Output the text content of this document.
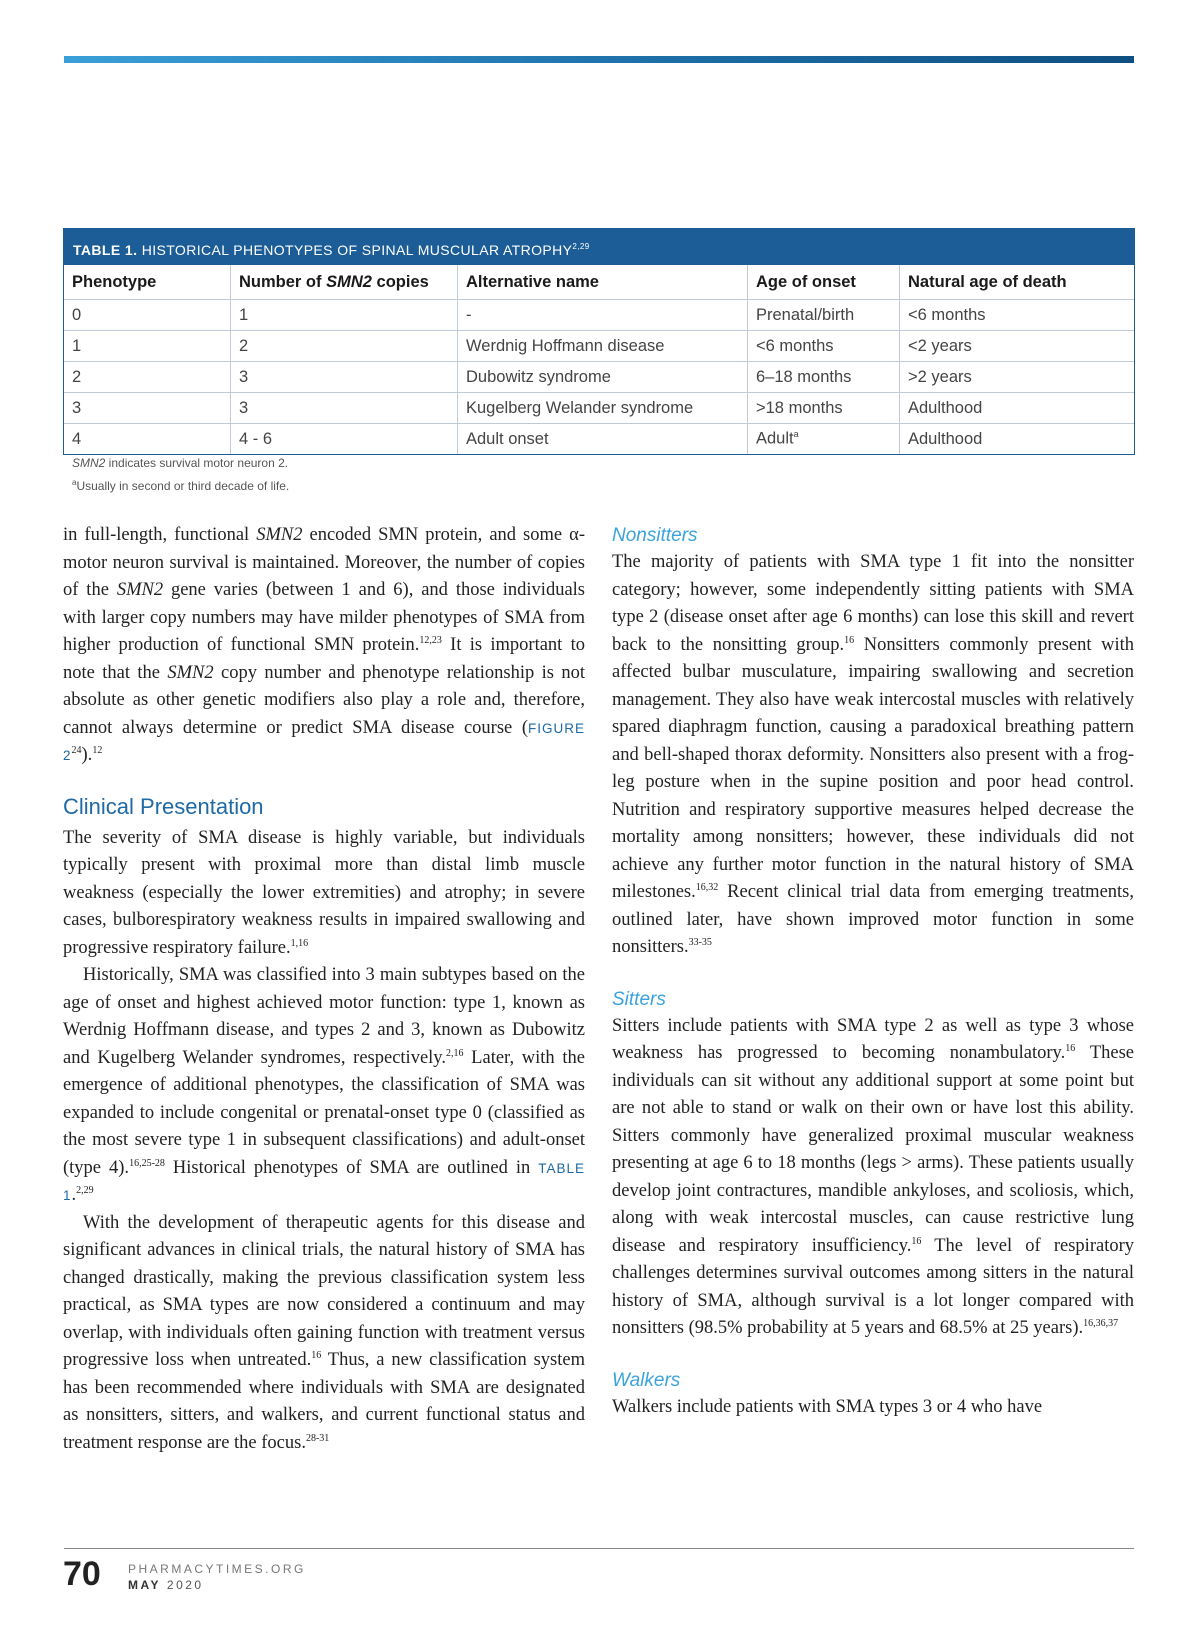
TABLE 1. HISTORICAL PHENOTYPES OF SPINAL MUSCULAR ATROPHY$^{2,29}$
Phenotype	Number of SMN2 copies	Alternative name	Age of onset	Natural age of death
0	1	-	Prenatal/birth	<6 months
1	2	Werdnig Hoffmann disease	<6 months	<2 years
2	3	Dubowitz syndrome	6–18 months	>2 years
3	3	Kugelberg Welander syndrome	>18 months	Adulthood
4	4 - 6	Adult onset	Adult$^a$	Adulthood
SMN2 indicates survival motor neuron 2.
$^a$Usually in second or third decade of life.

in full-length, functional SMN2 encoded SMN protein, and some α-motor neuron survival is maintained. Moreover, the number of copies of the SMN2 gene varies (between 1 and 6), and those individuals with larger copy numbers may have milder phenotypes of SMA from higher production of functional SMN protein.$^{12,23}$ It is important to note that the SMN2 copy number and phenotype relationship is not absolute as other genetic modifiers also play a role and, therefore, cannot always determine or predict SMA disease course (FIGURE $2^{24}).^{12}$

Clinical Presentation

The severity of SMA disease is highly variable, but individuals typically present with proximal more than distal limb muscle weakness (especially the lower extremities) and atrophy; in severe cases, bulborespiratory weakness results in impaired swallowing and progressive respiratory failure.$^{1,16}$

Historically, SMA was classified into 3 main subtypes based on the age of onset and highest achieved motor function: type 1, known as Werdnig Hoffmann disease, and types 2 and 3, known as Dubowitz and Kugelberg Welander syndromes, respectively.$^{2,16}$ Later, with the emergence of additional phenotypes, the classification of SMA was expanded to include congenital or prenatal-onset type 0 (classified as the most severe type 1 in subsequent classifications) and adult-onset (type 4).$^{16,25-28}$ Historical phenotypes of SMA are outlined in TABLE 1.$^{2,29}$

With the development of therapeutic agents for this disease and significant advances in clinical trials, the natural history of SMA has changed drastically, making the previous classification system less practical, as SMA types are now considered a continuum and may overlap, with individuals often gaining function with treatment versus progressive loss when untreated.$^{16}$ Thus, a new classification system has been recommended where individuals with SMA are designated as nonsitters, sitters, and walkers, and current functional status and treatment response are the focus.$^{28-31}$

Nonsitters

The majority of patients with SMA type 1 fit into the nonsitter category; however, some independently sitting patients with SMA type 2 (disease onset after age 6 months) can lose this skill and revert back to the nonsitting group.$^{16}$ Nonsitters commonly present with affected bulbar musculature, impairing swallowing and secretion management. They also have weak intercostal muscles with relatively spared diaphragm function, causing a paradoxical breathing pattern and bell-shaped thorax deformity. Nonsitters also present with a frog-leg posture when in the supine position and poor head control. Nutrition and respiratory supportive measures helped decrease the mortality among nonsitters; however, these individuals did not achieve any further motor function in the natural history of SMA milestones.$^{16,32}$ Recent clinical trial data from emerging treatments, outlined later, have shown improved motor function in some nonsitters.$^{33-35}$

Sitters

Sitters include patients with SMA type 2 as well as type 3 whose weakness has progressed to becoming nonambulatory.$^{16}$ These individuals can sit without any additional support at some point but are not able to stand or walk on their own or have lost this ability. Sitters commonly have generalized proximal muscular weakness presenting at age 6 to 18 months (legs > arms). These patients usually develop joint contractures, mandible ankyloses, and scoliosis, which, along with weak intercostal muscles, can cause restrictive lung disease and respiratory insufficiency.$^{16}$ The level of respiratory challenges determines survival outcomes among sitters in the natural history of SMA, although survival is a lot longer compared with nonsitters (98.5% probability at 5 years and 68.5% at 25 years).$^{16,36,37}$

Walkers

Walkers include patients with SMA types 3 or 4 who have

70 PHARMACYTIMES.ORG
MAY 2020
